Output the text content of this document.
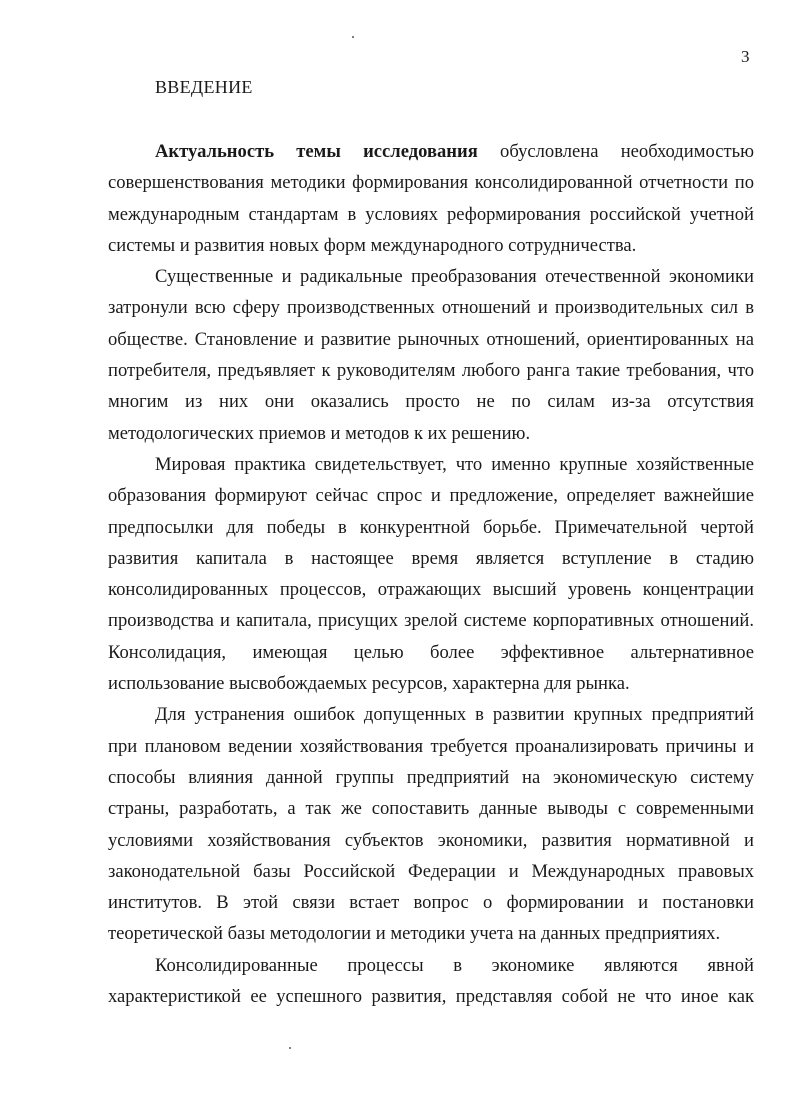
3
ВВЕДЕНИЕ

Актуальность темы исследования обусловлена необходимостью совершенствования методики формирования консолидированной отчетности по международным стандартам в условиях реформирования российской учетной системы и развития новых форм международного сотрудничества.

Существенные и радикальные преобразования отечественной экономики затронули всю сферу производственных отношений и производительных сил в обществе. Становление и развитие рыночных отношений, ориентированных на потребителя, предъявляет к руководителям любого ранга такие требования, что многим из них они оказались просто не по силам из-за отсутствия методологических приемов и методов к их решению.

Мировая практика свидетельствует, что именно крупные хозяйственные образования формируют сейчас спрос и предложение, определяет важнейшие предпосылки для победы в конкурентной борьбе. Примечательной чертой развития капитала в настоящее время является вступление в стадию консолидированных процессов, отражающих высший уровень концентрации производства и капитала, присущих зрелой системе корпоративных отношений. Консолидация, имеющая целью более эффективное альтернативное использование высвобождаемых ресурсов, характерна для рынка.

Для устранения ошибок допущенных в развитии крупных предприятий при плановом ведении хозяйствования требуется проанализировать причины и способы влияния данной группы предприятий на экономическую систему страны, разработать, а так же сопоставить данные выводы с современными условиями хозяйствования субъектов экономики, развития нормативной и законодательной базы Российской Федерации и Международных правовых институтов. В этой связи встает вопрос о формировании и постановки теоретической базы методологии и методики учета на данных предприятиях.

Консолидированные процессы в экономике являются явной характеристикой ее успешного развития, представляя собой не что иное как
